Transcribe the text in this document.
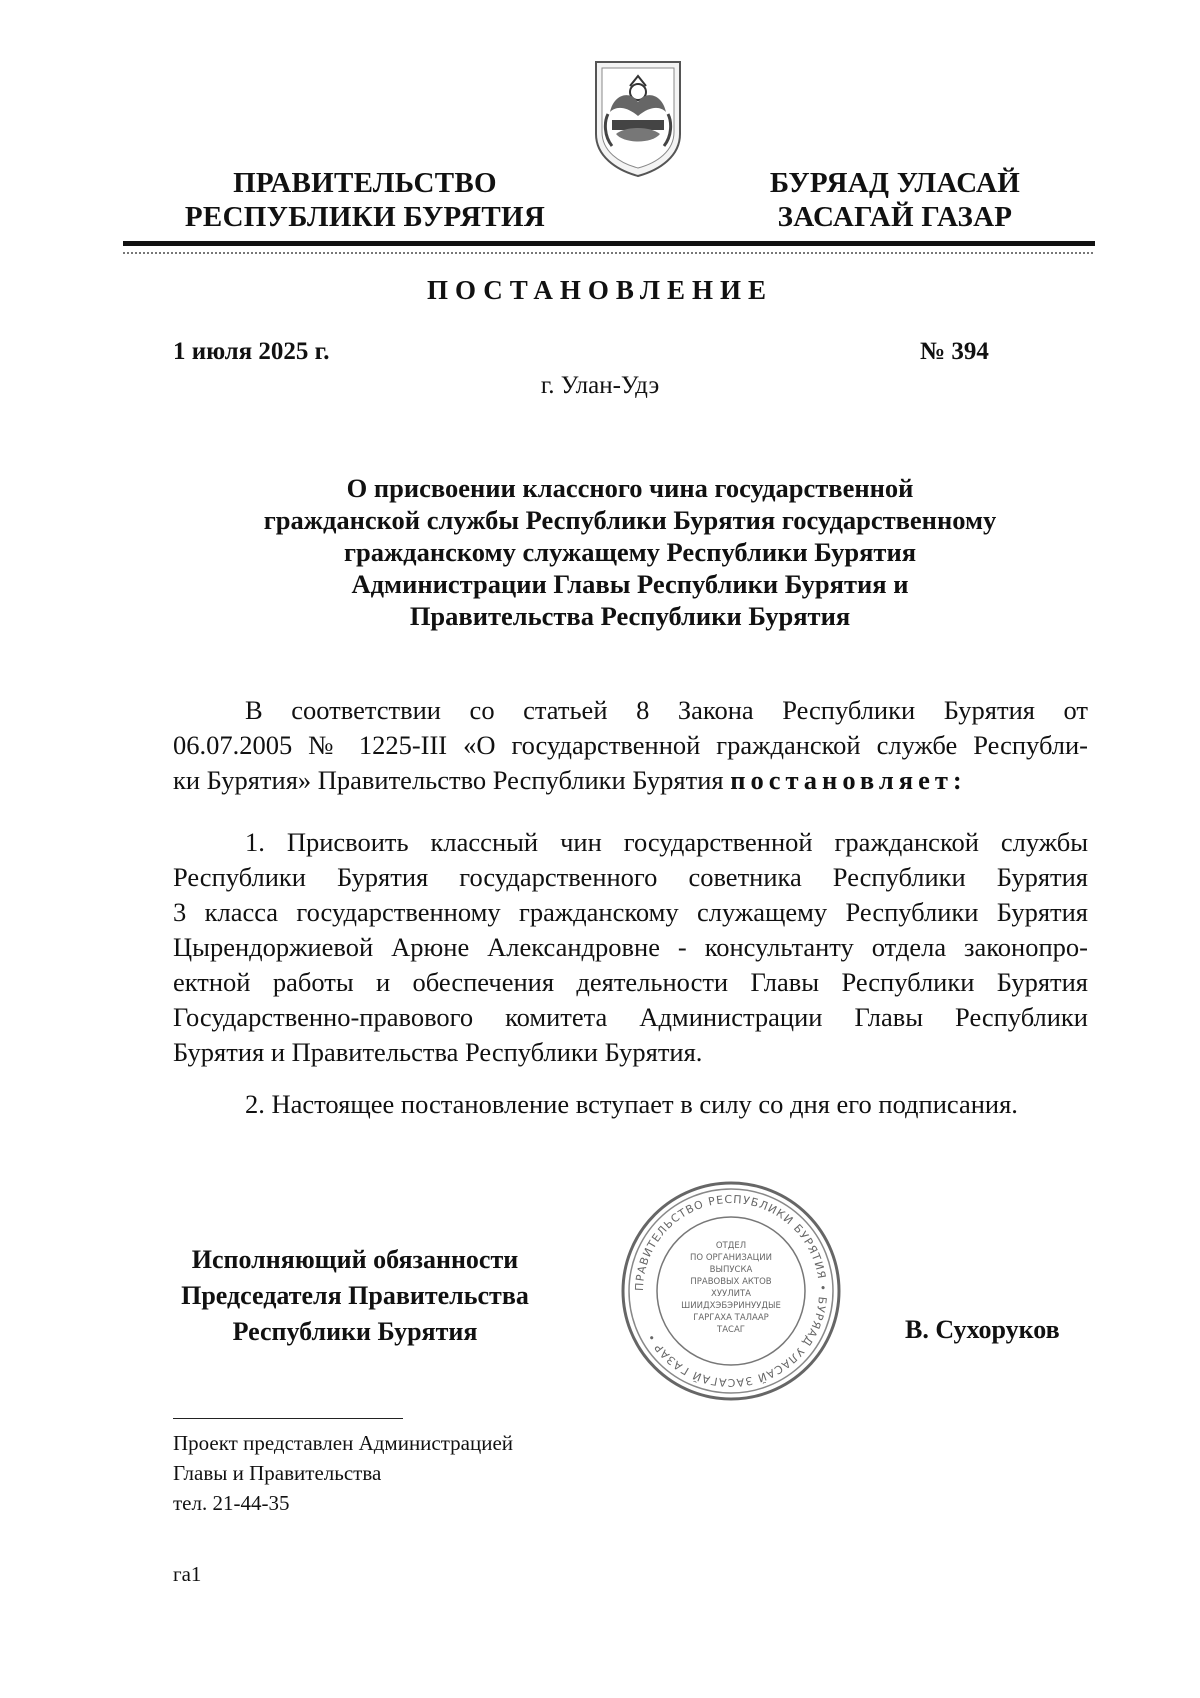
ПРАВИТЕЛЬСТВО
РЕСПУБЛИКИ БУРЯТИЯ
БУРЯАД УЛАСАЙ
ЗАСАГАЙ ГАЗАР
ПОСТАНОВЛЕНИЕ
1 июля 2025 г.	№ 394
г. Улан-Удэ
О присвоении классного чина государственной
гражданской службы Республики Бурятия государственному
гражданскому служащему Республики Бурятия
Администрации Главы Республики Бурятия и
Правительства Республики Бурятия
В соответствии со статьей 8 Закона Республики Бурятия от
06.07.2005 № 1225-III «О государственной гражданской службе Республи-
ки Бурятия» Правительство Республики Бурятия постановляет:
1. Присвоить классный чин государственной гражданской службы
Республики Бурятия государственного советника Республики Бурятия
3 класса государственному гражданскому служащему Республики Бурятия
Цырендоржиевой Арюне Александровне - консультанту отдела законопро-
ектной работы и обеспечения деятельности Главы Республики Бурятия
Государственно-правового комитета Администрации Главы Республики
Бурятия и Правительства Республики Бурятия.
2. Настоящее постановление вступает в силу со дня его подписания.
Исполняющий обязанности
Председателя Правительства
Республики Бурятия	В. Сухоруков
ПРАВИТЕЛЬСТВО РЕСПУБЛИКИ БУРЯТИЯ • БУРЯАД УЛАСАЙ ЗАСАГАЙ ГАЗАР •
ОТДЕЛ
ПО ОРГАНИЗАЦИИ
ВЫПУСКА
ПРАВОВЫХ АКТОВ
ХУУЛИТА
ШИИДХЭБЭРИНУУДЫЕ
ГАРГАХА ТАЛААР
ТАСАГ
Проект представлен Администрацией
Главы и Правительства
тел. 21-44-35
га1
